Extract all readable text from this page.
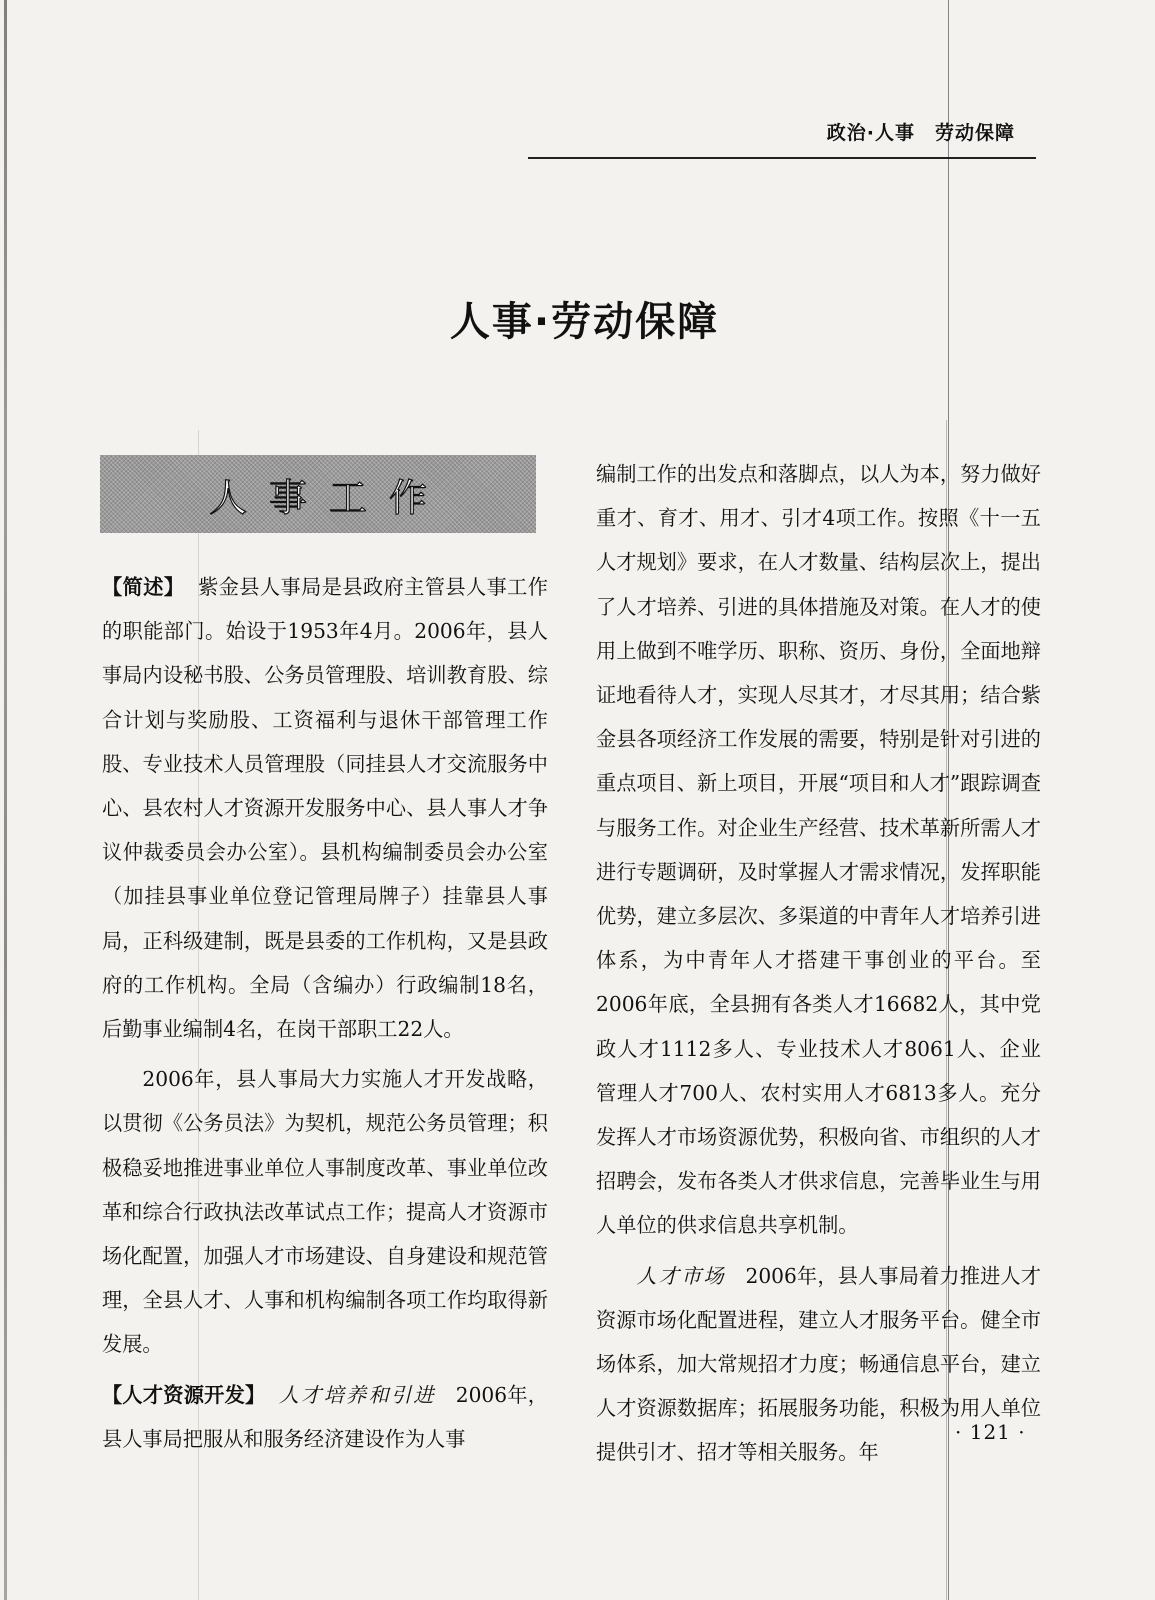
政治·人事　劳动保障
人事·劳动保障
人事工作

【简述】 紫金县人事局是县政府主管县人事工作的职能部门。始设于1953年4月。2006年，县人事局内设秘书股、公务员管理股、培训教育股、综合计划与奖励股、工资福利与退休干部管理工作股、专业技术人员管理股（同挂县人才交流服务中心、县农村人才资源开发服务中心、县人事人才争议仲裁委员会办公室）。县机构编制委员会办公室（加挂县事业单位登记管理局牌子）挂靠县人事局，正科级建制，既是县委的工作机构，又是县政府的工作机构。全局（含编办）行政编制18名，后勤事业编制4名，在岗干部职工22人。

2006年，县人事局大力实施人才开发战略，以贯彻《公务员法》为契机，规范公务员管理；积极稳妥地推进事业单位人事制度改革、事业单位改革和综合行政执法改革试点工作；提高人才资源市场化配置，加强人才市场建设、自身建设和规范管理，全县人才、人事和机构编制各项工作均取得新发展。

【人才资源开发】 人才培养和引进 2006年，县人事局把服从和服务经济建设作为人事

编制工作的出发点和落脚点，以人为本，努力做好重才、育才、用才、引才4项工作。按照《十一五人才规划》要求，在人才数量、结构层次上，提出了人才培养、引进的具体措施及对策。在人才的使用上做到不唯学历、职称、资历、身份，全面地辩证地看待人才，实现人尽其才，才尽其用；结合紫金县各项经济工作发展的需要，特别是针对引进的重点项目、新上项目，开展“项目和人才”跟踪调查与服务工作。对企业生产经营、技术革新所需人才进行专题调研，及时掌握人才需求情况，发挥职能优势，建立多层次、多渠道的中青年人才培养引进体系，为中青年人才搭建干事创业的平台。至2006年底，全县拥有各类人才16682人，其中党政人才1112多人、专业技术人才8061人、企业管理人才700人、农村实用人才6813多人。充分发挥人才市场资源优势，积极向省、市组织的人才招聘会，发布各类人才供求信息，完善毕业生与用人单位的供求信息共享机制。

人才市场 2006年，县人事局着力推进人才资源市场化配置进程，建立人才服务平台。健全市场体系，加大常规招才力度；畅通信息平台，建立人才资源数据库；拓展服务功能，积极为用人单位提供引才、招才等相关服务。年

· 121 ·
